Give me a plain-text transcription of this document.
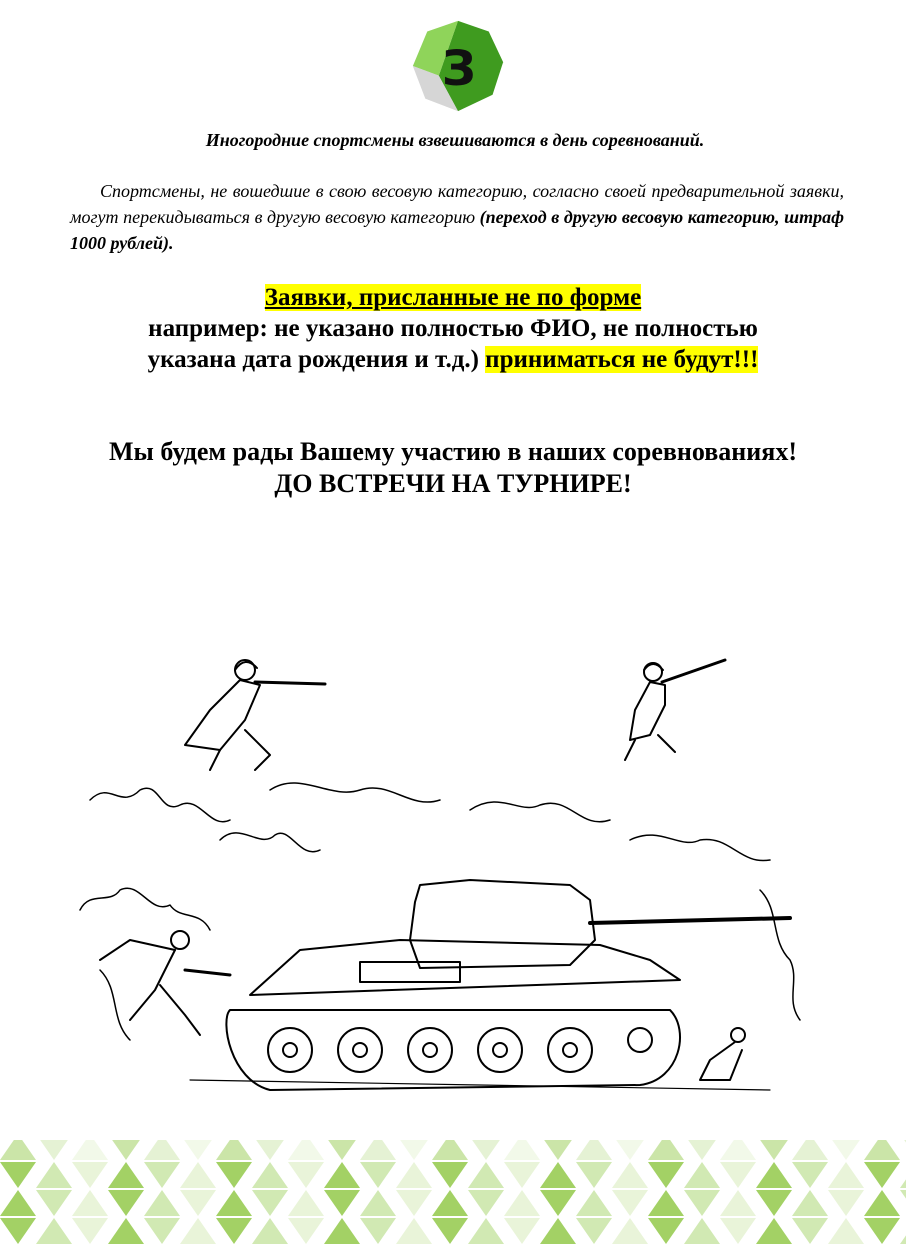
З

Иногородние спортсмены взвешиваются в день соревнований.

Спортсмены, не вошедшие в свою весовую категорию, согласно своей предварительной заявки, могут перекидываться в другую весовую категорию (переход в другую весовую категорию, штраф 1000 рублей).

Заявки, присланные не по форме
например: не указано полностью ФИО, не полностью
указана дата рождения и т.д.) приниматься не будут!!!
Мы будем рады Вашему участию в наших соревнованиях!
ДО ВСТРЕЧИ НА ТУРНИРЕ!
